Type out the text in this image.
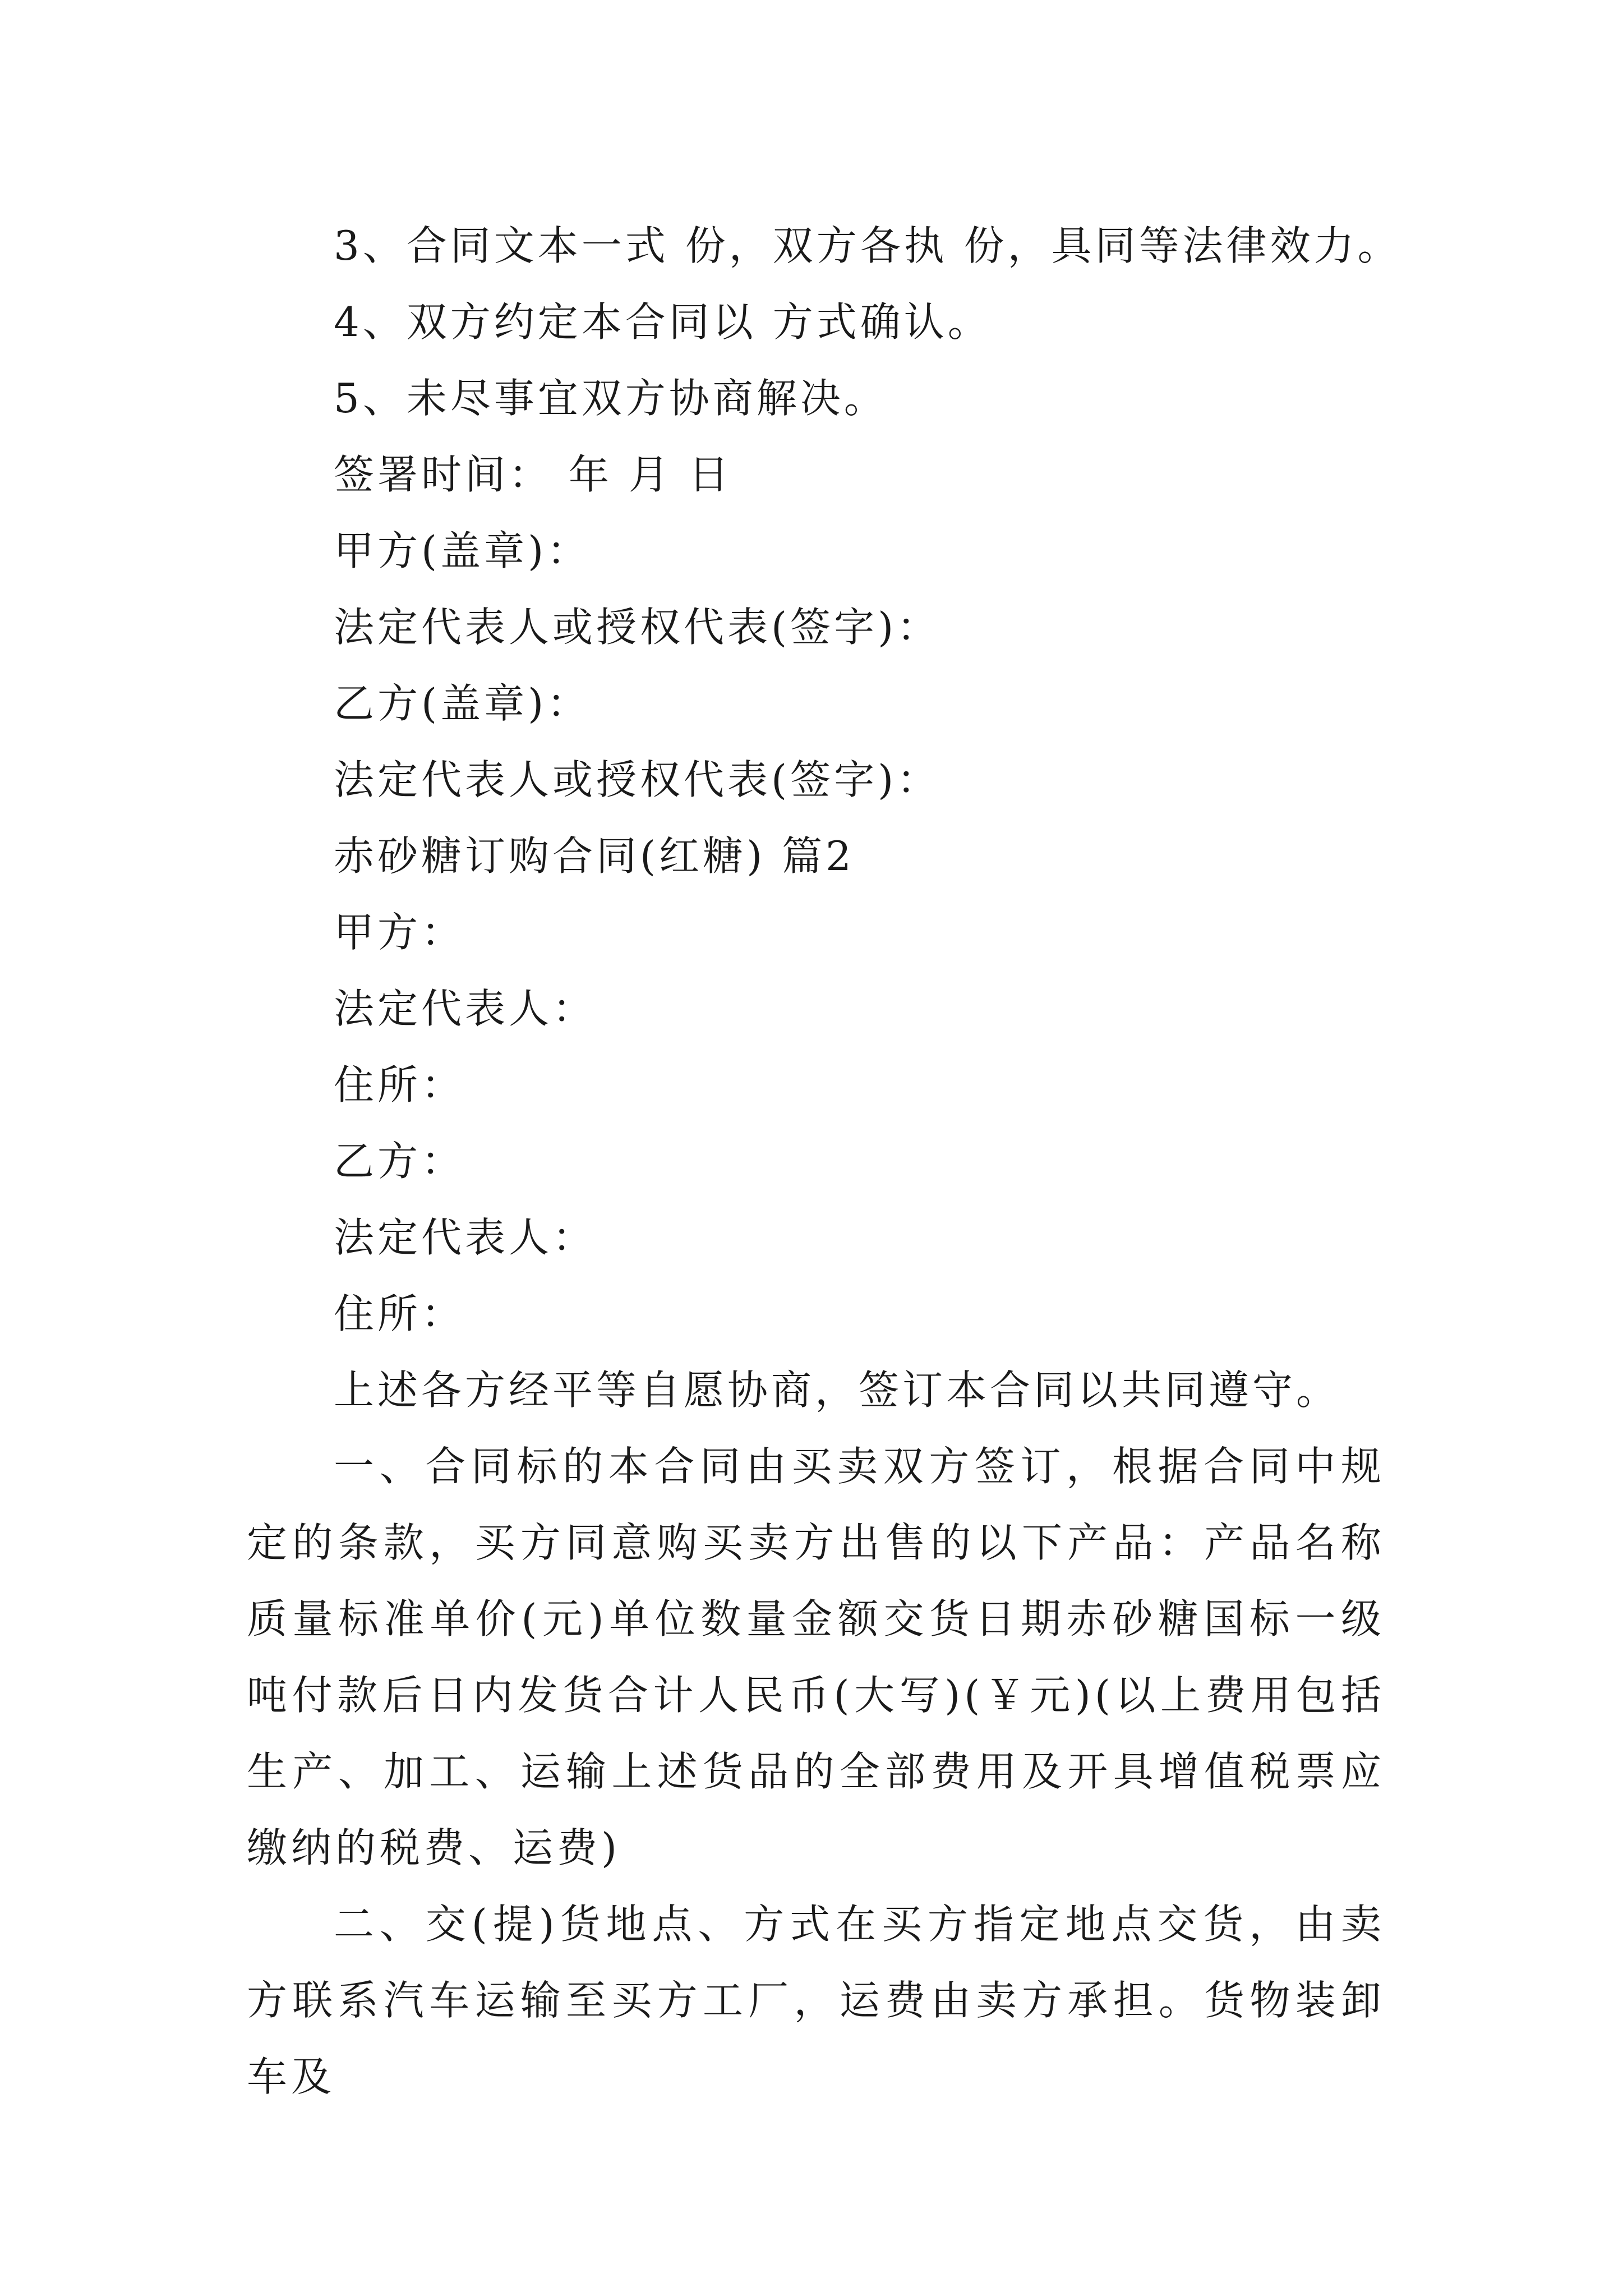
3、合同文本一式 份，双方各执 份，具同等法律效力。
4、双方约定本合同以 方式确认。
5、未尽事宜双方协商解决。
签署时间： 年 月 日
甲方(盖章)：
法定代表人或授权代表(签字)：
乙方(盖章)：
法定代表人或授权代表(签字)：
赤砂糖订购合同(红糖) 篇2
甲方：
法定代表人：
住所：
乙方：
法定代表人：
住所：
上述各方经平等自愿协商，签订本合同以共同遵守。
一、合同标的本合同由买卖双方签订，根据合同中规定的条款，买方同意购买卖方出售的以下产品：产品名称质量标准单价(元)单位数量金额交货日期赤砂糖国标一级吨付款后日内发货合计人民币(大写)(￥元)(以上费用包括生产、加工、运输上述货品的全部费用及开具增值税票应缴纳的税费、运费)
二、交(提)货地点、方式在买方指定地点交货，由卖方联系汽车运输至买方工厂，运费由卖方承担。货物装卸车及
